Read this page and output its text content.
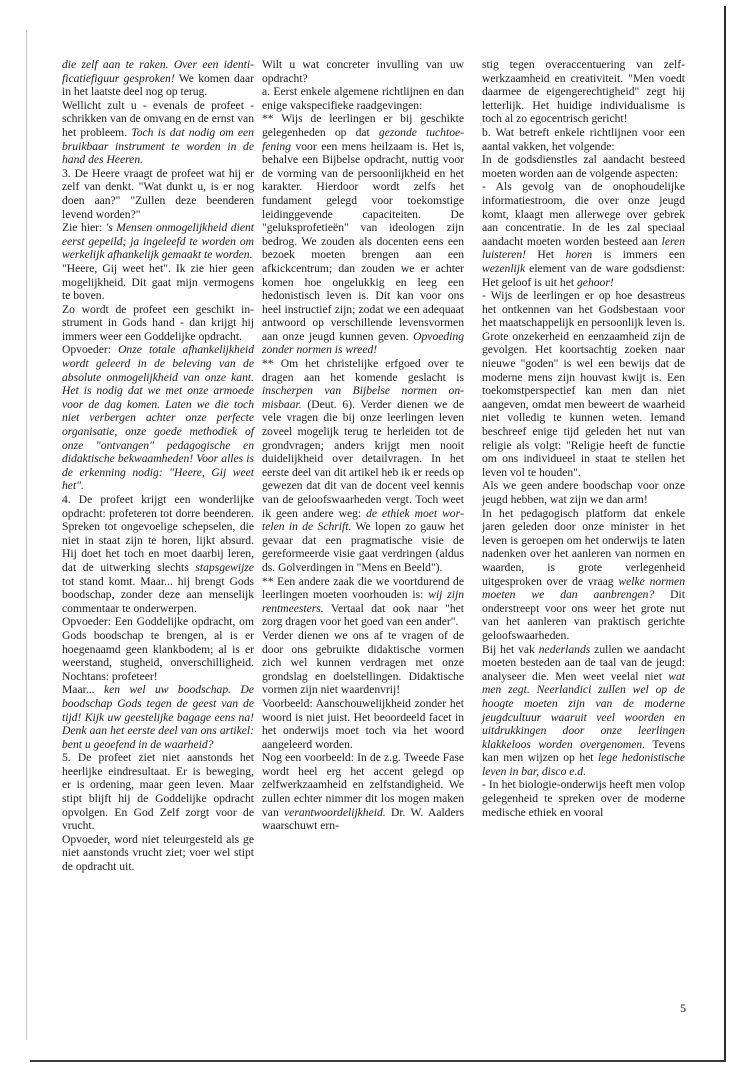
die zelf aan te raken. Over een identificatiefiguur gesproken! We komen daar in het laatste deel nog op terug.

Wellicht zult u - evenals de profeet - schrikken van de omvang en de ernst van het probleem. Toch is dat nodig om een bruikbaar instrument te worden in de hand des Heeren.

3. De Heere vraagt de profeet wat hij er zelf van denkt. "Wat dunkt u, is er nog doen aan?" "Zullen deze beenderen levend worden?"

Zie hier: 's Mensen onmogelijkheid dient eerst gepeild; ja ingeleefd te worden om werkelijk afhankelijk gemaakt te worden.

"Heere, Gij weet het". Ik zie hier geen mogelijkheid. Dit gaat mijn vermogens te boven.

Zo wordt de profeet een geschikt instrument in Gods hand - dan krijgt hij immers weer een Goddelijke opdracht.

Opvoeder: Onze totale afhankelijkheid wordt geleerd in de beleving van de absolute onmogelijkheid van onze kant. Het is nodig dat we met onze armoede voor de dag komen. Laten we die toch niet verbergen achter onze perfecte organisatie, onze goede methodiek of onze "ontvangen" pedagogische en didaktische bekwaamheden! Voor alles is de erkenning nodig: "Heere, Gij weet het".

4. De profeet krijgt een wonderlijke opdracht: profeteren tot dorre beenderen. Spreken tot ongevoelige schepselen, die niet in staat zijn te horen, lijkt absurd. Hij doet het toch en moet daarbij leren, dat de uitwerking slechts stapsgewijze tot stand komt. Maar... hij brengt Gods boodschap, zonder deze aan menselijk commentaar te onderwerpen.

Opvoeder: Een Goddelijke opdracht, om Gods boodschap te brengen, al is er hoegenaamd geen klankbodem; al is er weerstand, stugheid, onverschilligheid. Nochtans: profeteer!

Maar... ken wel uw boodschap. De boodschap Gods tegen de geest van de tijd! Kijk uw geestelijke bagage eens na! Denk aan het eerste deel van ons artikel: bent u geoefend in de waarheid?

5. De profeet ziet niet aanstonds het heerlijke eindresultaat. Er is beweging, er is ordening, maar geen leven. Maar stipt blijft hij de Goddelijke opdracht opvolgen. En God Zelf zorgt voor de vrucht.

Opvoeder, word niet teleurgesteld als ge niet aanstonds vrucht ziet; voer wel stipt de opdracht uit.

Wilt u wat concreter invulling van uw opdracht?

a. Eerst enkele algemene richtlijnen en dan enige vakspecifieke raadgevingen:

** Wijs de leerlingen er bij geschikte gelegenheden op dat gezonde tuchtoefening voor een mens heilzaam is. Het is, behalve een Bijbelse opdracht, nuttig voor de vorming van de persoonlijkheid en het karakter. Hierdoor wordt zelfs het fundament gelegd voor toekomstige leidinggevende capaciteiten. De "geluksprofetieën" van ideologen zijn bedrog. We zouden als docenten eens een bezoek moeten brengen aan een afkickcentrum; dan zouden we er achter komen hoe ongelukkig en leeg een hedonistisch leven is. Dit kan voor ons heel instructief zijn; zodat we een adequaat antwoord op verschillende levensvormen aan onze jeugd kunnen geven. Opvoeding zonder normen is wreed!

** Om het christelijke erfgoed over te dragen aan het komende geslacht is inscherpen van Bijbelse normen onmisbaar. (Deut. 6). Verder dienen we de vele vragen die bij onze leerlingen leven zoveel mogelijk terug te herleiden tot de grondvragen; anders krijgt men nooit duidelijkheid over detailvragen. In het eerste deel van dit artikel heb ik er reeds op gewezen dat dit van de docent veel kennis van de geloofswaarheden vergt. Toch weet ik geen andere weg: de ethiek moet wortelen in de Schrift. We lopen zo gauw het gevaar dat een pragmatische visie de gereformeerde visie gaat verdringen (aldus ds. Golverdingen in "Mens en Beeld").

** Een andere zaak die we voortdurend de leerlingen moeten voorhouden is: wij zijn rentmeesters. Vertaal dat ook naar "het zorg dragen voor het goed van een ander".

Verder dienen we ons af te vragen of de door ons gebruikte didaktische vormen zich wel kunnen verdragen met onze grondslag en doelstellingen. Didaktische vormen zijn niet waardenvrij!

Voorbeeld: Aanschouwelijkheid zonder het woord is niet juist. Het beoordeeld facet in het onderwijs moet toch via het woord aangeleerd worden.

Nog een voorbeeld: In de z.g. Tweede Fase wordt heel erg het accent gelegd op zelfwerkzaamheid en zelfstandigheid. We zullen echter nimmer dit los mogen maken van verantwoordelijkheid. Dr. W. Aalders waarschuwt ern-

stig tegen overaccentuering van zelfwerkzaamheid en creativiteit. "Men voedt daarmee de eigengerechtigheid" zegt hij letterlijk. Het huidige individualisme is toch al zo egocentrisch gericht!

b. Wat betreft enkele richtlijnen voor een aantal vakken, het volgende:

In de godsdienstles zal aandacht besteed moeten worden aan de volgende aspecten:

- Als gevolg van de onophoudelijke informatiestroom, die over onze jeugd komt, klaagt men allerwege over gebrek aan concentratie. In de les zal speciaal aandacht moeten worden besteed aan leren luisteren! Het horen is immers een wezenlijk element van de ware godsdienst: Het geloof is uit het gehoor!

- Wijs de leerlingen er op hoe desastreus het ontkennen van het Godsbestaan voor het maatschappelijk en persoonlijk leven is. Grote onzekerheid en eenzaamheid zijn de gevolgen. Het koortsachtig zoeken naar nieuwe "goden" is wel een bewijs dat de moderne mens zijn houvast kwijt is. Een toekomstperspectief kan men dan niet aangeven, omdat men beweert de waarheid niet volledig te kunnen weten. Iemand beschreef enige tijd geleden het nut van religie als volgt: "Religie heeft de functie om ons individueel in staat te stellen het leven vol te houden".

Als we geen andere boodschap voor onze jeugd hebben, wat zijn we dan arm!

In het pedagogisch platform dat enkele jaren geleden door onze minister in het leven is geroepen om het onderwijs te laten nadenken over het aanleren van normen en waarden, is grote verlegenheid uitgesproken over de vraag welke normen moeten we dan aanbrengen? Dit onderstreept voor ons weer het grote nut van het aanleren van praktisch gerichte geloofswaarheden.

Bij het vak nederlands zullen we aandacht moeten besteden aan de taal van de jeugd: analyseer die. Men weet veelal niet wat men zegt. Neerlandici zullen wel op de hoogte moeten zijn van de moderne jeugdcultuur waaruit veel woorden en uitdrukkingen door onze leerlingen klakkeloos worden overgenomen. Tevens kan men wijzen op het lege hedonistische leven in bar, disco e.d.

- In het biologie-onderwijs heeft men volop gelegenheid te spreken over de moderne medische ethiek en vooral

5
